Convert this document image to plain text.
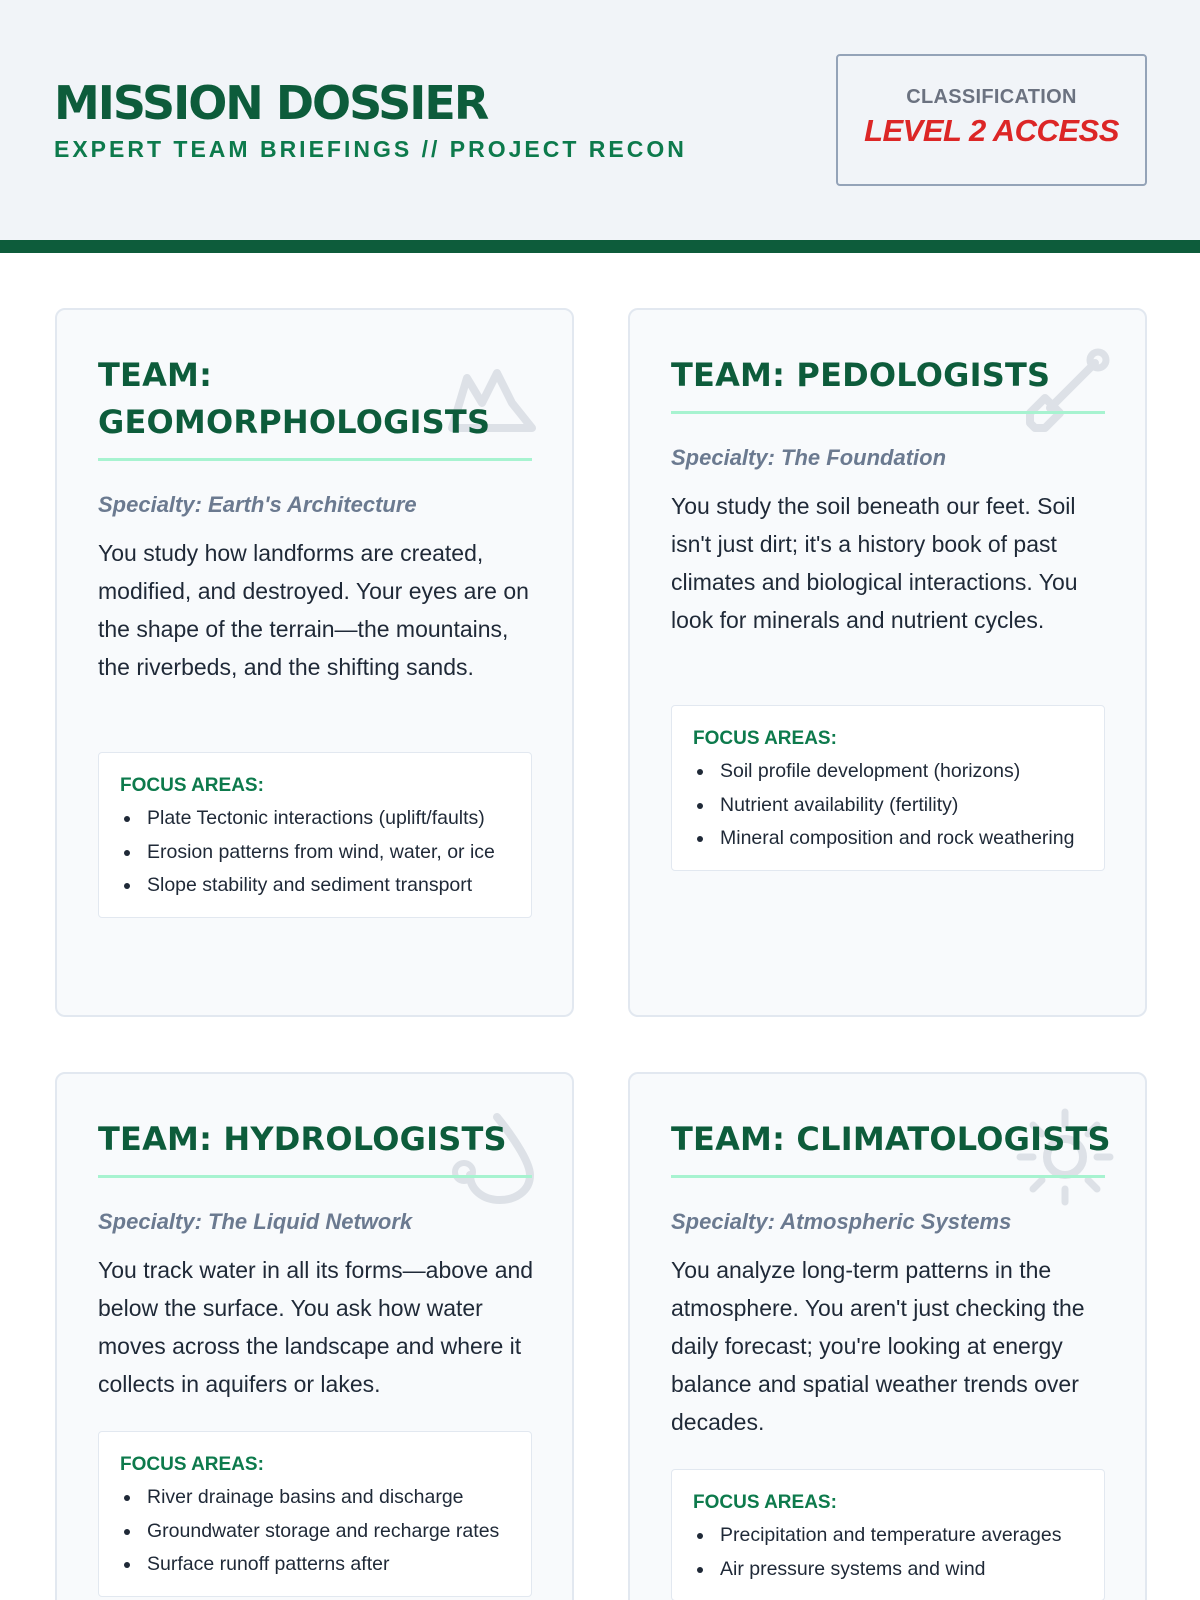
MISSION DOSSIER
EXPERT TEAM BRIEFINGS // PROJECT RECON
CLASSIFICATION
LEVEL 2 ACCESS
TEAM: GEOMORPHOLOGISTS
Specialty: Earth's Architecture
You study how landforms are created, modified, and destroyed. Your eyes are on the shape of the terrain—the mountains, the riverbeds, and the shifting sands.
FOCUS AREAS:
Plate Tectonic interactions (uplift/faults)
Erosion patterns from wind, water, or ice
Slope stability and sediment transport
TEAM: PEDOLOGISTS
Specialty: The Foundation
You study the soil beneath our feet. Soil isn't just dirt; it's a history book of past climates and biological interactions. You look for minerals and nutrient cycles.
FOCUS AREAS:
Soil profile development (horizons)
Nutrient availability (fertility)
Mineral composition and rock weathering
TEAM: HYDROLOGISTS
Specialty: The Liquid Network
You track water in all its forms—above and below the surface. You ask how water moves across the landscape and where it collects in aquifers or lakes.
FOCUS AREAS:
River drainage basins and discharge
Groundwater storage and recharge rates
Surface runoff patterns after
TEAM: CLIMATOLOGISTS
Specialty: Atmospheric Systems
You analyze long-term patterns in the atmosphere. You aren't just checking the daily forecast; you're looking at energy balance and spatial weather trends over decades.
FOCUS AREAS:
Precipitation and temperature averages
Air pressure systems and wind
